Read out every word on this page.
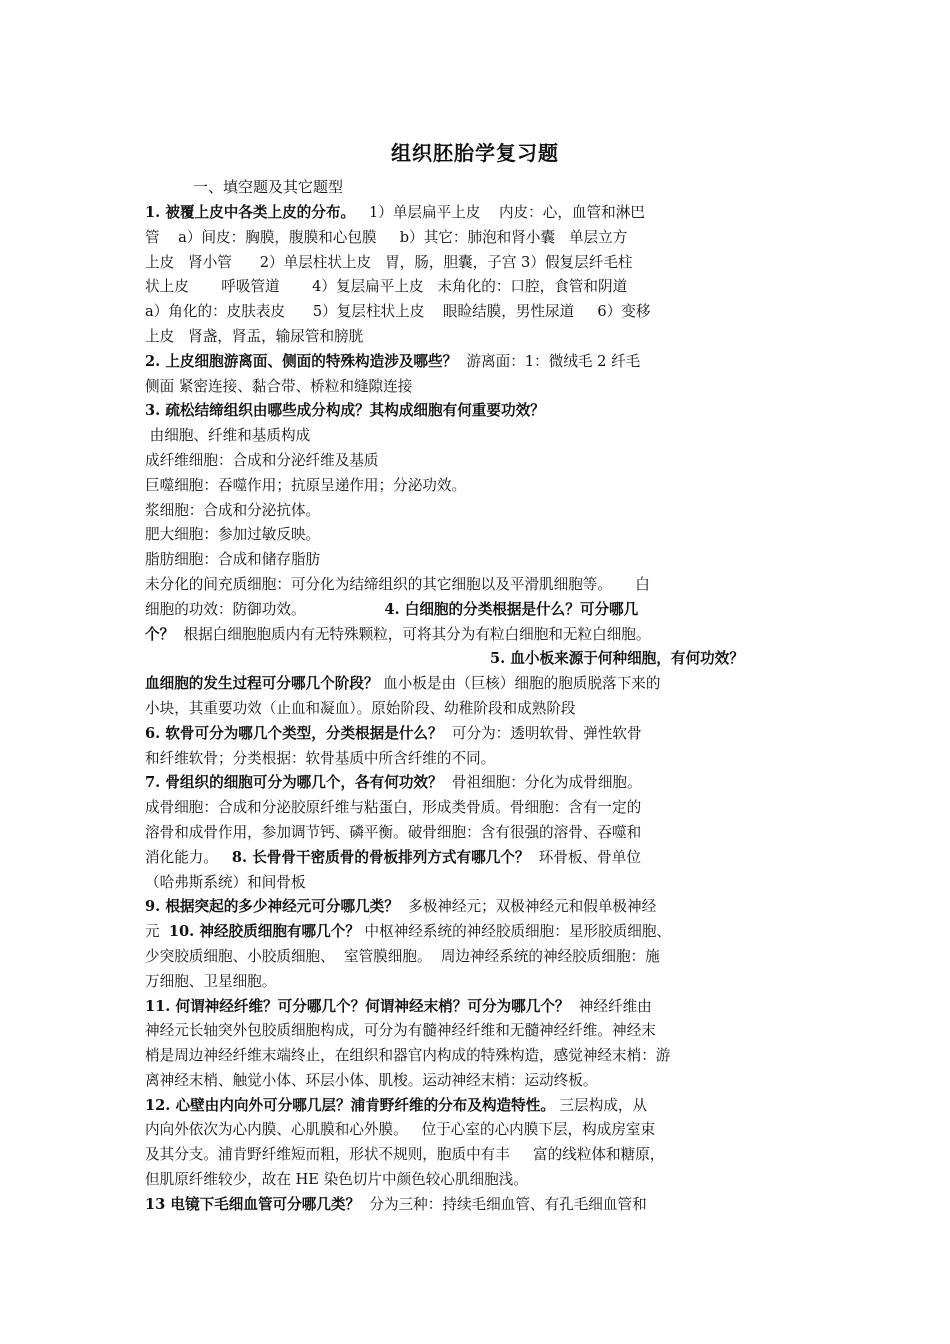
组织胚胎学复习题
一、填空题及其它题型
1. 被覆上皮中各类上皮的分布。   1）单层扁平上皮    内皮：心，血管和淋巴
管    a）间皮：胸膜，腹膜和心包膜     b）其它：肺泡和肾小囊   单层立方
上皮   肾小管      2）单层柱状上皮   胃，肠，胆囊，子宫 3）假复层纤毛柱
状上皮       呼吸管道       4）复层扁平上皮   未角化的：口腔，食管和阴道
a）角化的：皮肤表皮      5）复层柱状上皮    眼睑结膜，男性尿道     6）变移
上皮   肾盏，肾盂，输尿管和膀胱
2. 上皮细胞游离面、侧面的特殊构造涉及哪些？  游离面：1：微绒毛 2 纤毛
侧面 紧密连接、黏合带、桥粒和缝隙连接
3. 疏松结缔组织由哪些成分构成？其构成细胞有何重要功效？
由细胞、纤维和基质构成
成纤维细胞：合成和分泌纤维及基质
巨噬细胞：吞噬作用；抗原呈递作用；分泌功效。
浆细胞：合成和分泌抗体。
肥大细胞：参加过敏反映。
脂肪细胞：合成和储存脂肪
未分化的间充质细胞：可分化为结缔组织的其它细胞以及平滑肌细胞等。     白
细胞的功效：防御功效。                 4. 白细胞的分类根据是什么？可分哪几
个？  根据白细胞胞质内有无特殊颗粒，可将其分为有粒白细胞和无粒白细胞。
5. 血小板来源于何种细胞，有何功效？
血细胞的发生过程可分哪几个阶段？ 血小板是由（巨核）细胞的胞质脱落下来的
小块，其重要功效（止血和凝血）。原始阶段、幼稚阶段和成熟阶段
6. 软骨可分为哪几个类型，分类根据是什么？  可分为：透明软骨、弹性软骨
和纤维软骨；分类根据：软骨基质中所含纤维的不同。
7. 骨组织的细胞可分为哪几个，各有何功效？  骨祖细胞：分化为成骨细胞。
成骨细胞：合成和分泌胶原纤维与粘蛋白，形成类骨质。骨细胞：含有一定的
溶骨和成骨作用，参加调节钙、磷平衡。破骨细胞：含有很强的溶骨、吞噬和
消化能力。   8. 长骨骨干密质骨的骨板排列方式有哪几个？  环骨板、骨单位
（哈弗斯系统）和间骨板
9. 根据突起的多少神经元可分哪几类？  多极神经元；双极神经元和假单极神经
元  10. 神经胶质细胞有哪几个？ 中枢神经系统的神经胶质细胞：星形胶质细胞、
少突胶质细胞、小胶质细胞、  室管膜细胞。  周边神经系统的神经胶质细胞：施
万细胞、卫星细胞。
11. 何谓神经纤维？可分哪几个？何谓神经末梢？可分为哪几个？  神经纤维由
神经元长轴突外包胶质细胞构成，可分为有髓神经纤维和无髓神经纤维。神经末
梢是周边神经纤维末端终止，在组织和器官内构成的特殊构造，感觉神经末梢：游
离神经末梢、触觉小体、环层小体、肌梭。运动神经末梢：运动终板。
12. 心壁由内向外可分哪几层？浦肯野纤维的分布及构造特性。 三层构成，从
内向外依次为心内膜、心肌膜和心外膜。   位于心室的心内膜下层，构成房室束
及其分支。浦肯野纤维短而粗，形状不规则，胞质中有丰     富的线粒体和糖原，
但肌原纤维较少，故在 HE 染色切片中颜色较心肌细胞浅。
13 电镜下毛细血管可分哪几类？  分为三种：持续毛细血管、有孔毛细血管和
